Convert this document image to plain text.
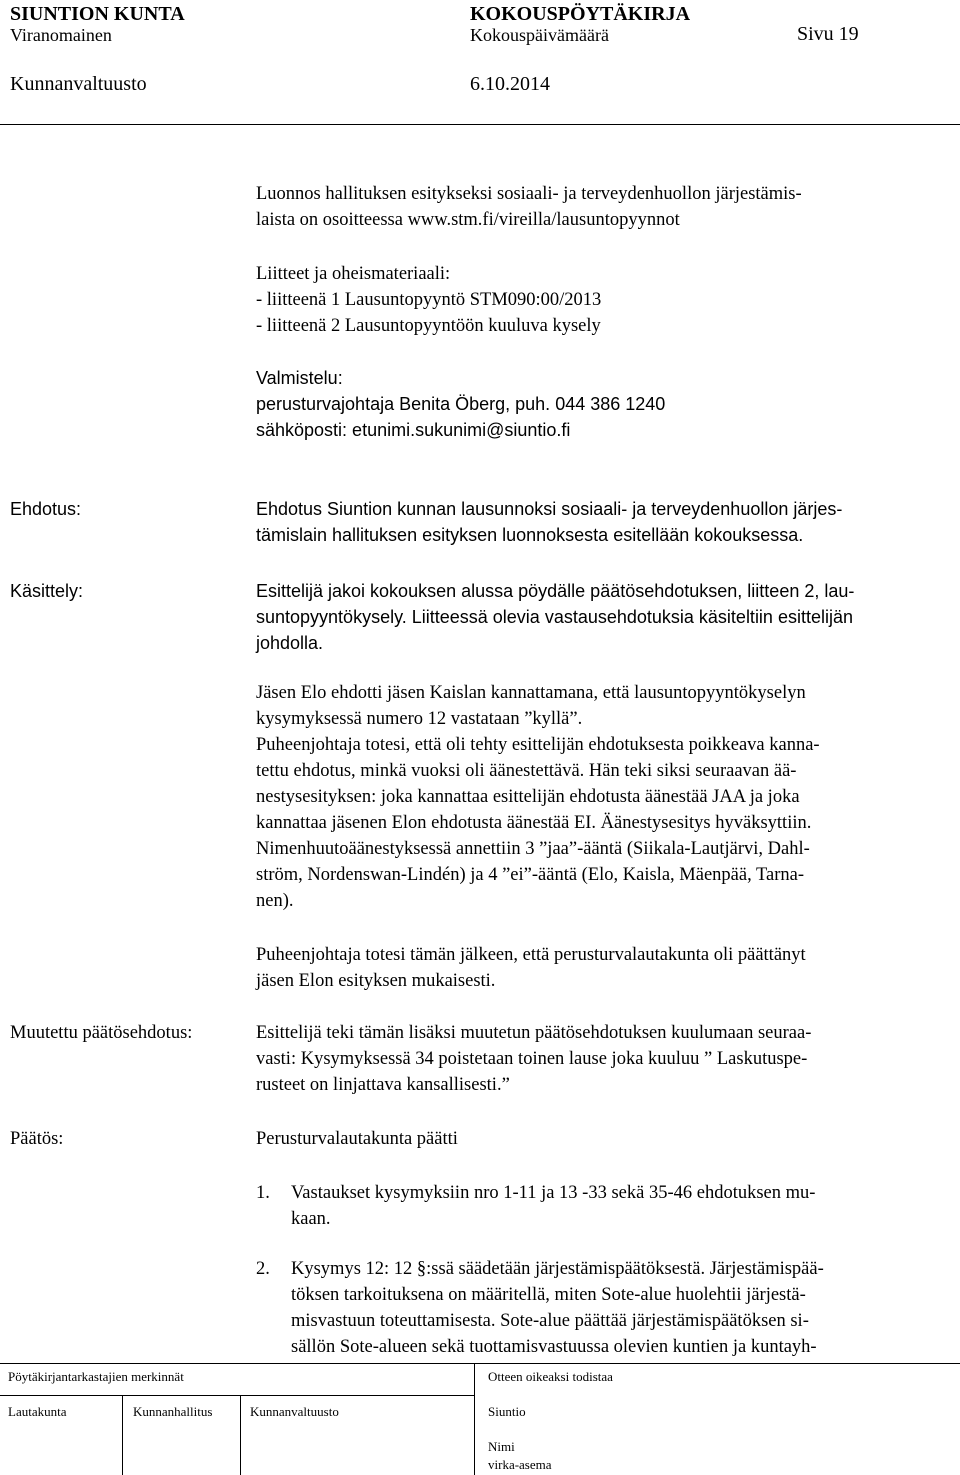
SIUNTION KUNTA	KOKOUSPÖYTÄKIRJA
Viranomainen	Kokouspäivämäärä	Sivu 19
Kunnanvaltuusto	6.10.2014
Luonnos hallituksen esitykseksi sosiaali- ja terveydenhuollon järjestämis-
laista on osoitteessa www.stm.fi/vireilla/lausuntopyynnot
Liitteet ja oheismateriaali:
- liitteenä 1 Lausuntopyyntö STM090:00/2013
- liitteenä 2 Lausuntopyyntöön kuuluva kysely
Valmistelu:
perusturvajohtaja Benita Öberg, puh. 044 386 1240
sähköposti: etunimi.sukunimi@siuntio.fi
Ehdotus:	Ehdotus Siuntion kunnan lausunnoksi sosiaali- ja terveydenhuollon järjes-
tämislain hallituksen esityksen luonnoksesta esitellään kokouksessa.
Käsittely:	Esittelijä jakoi kokouksen alussa pöydälle päätösehdotuksen, liitteen 2, lau-
suntopyyntökysely. Liitteessä olevia vastausehdotuksia käsiteltiin esittelijän
johdolla.
Jäsen Elo ehdotti jäsen Kaislan kannattamana, että lausuntopyyntökyselyn
kysymyksessä numero 12 vastataan ”kyllä”.
Puheenjohtaja totesi, että oli tehty esittelijän ehdotuksesta poikkeava kanna-
tettu ehdotus, minkä vuoksi oli äänestettävä. Hän teki siksi seuraavan ää-
nestysesityksen: joka kannattaa esittelijän ehdotusta äänestää JAA ja joka
kannattaa jäsenen Elon ehdotusta äänestää EI. Äänestysesitys hyväksyttiin.
Nimenhuutoäänestyksessä annettiin 3 ”jaa”-ääntä (Siikala-Lautjärvi, Dahl-
ström, Nordenswan-Lindén) ja 4 ”ei”-ääntä (Elo, Kaisla, Mäenpää, Tarna-
nen).
Puheenjohtaja totesi tämän jälkeen, että perusturvalautakunta oli päättänyt
jäsen Elon esityksen mukaisesti.
Muutettu päätösehdotus:	Esittelijä teki tämän lisäksi muutetun päätösehdotuksen kuulumaan seuraa-
vasti: Kysymyksessä 34 poistetaan toinen lause joka kuuluu ” Laskutuspe-
rusteet on linjattava kansallisesti.”
Päätös:	Perusturvalautakunta päätti
1. Vastaukset kysymyksiin nro 1-11 ja 13 -33 sekä 35-46 ehdotuksen mu-
kaan.
2. Kysymys 12: 12 §:ssä säädetään järjestämispäätöksestä. Järjestämispää-
töksen tarkoituksena on määritellä, miten Sote-alue huolehtii järjestä-
misvastuun toteuttamisesta. Sote-alue päättää järjestämispäätöksen si-
sällön Sote-alueen sekä tuottamisvastuussa olevien kuntien ja kuntayh-
Pöytäkirjantarkastajien merkinnät	Otteen oikeaksi todistaa
Lautakunta	Kunnanhallitus	Kunnanvaltuusto	Siuntio
Nimi
virka-asema
